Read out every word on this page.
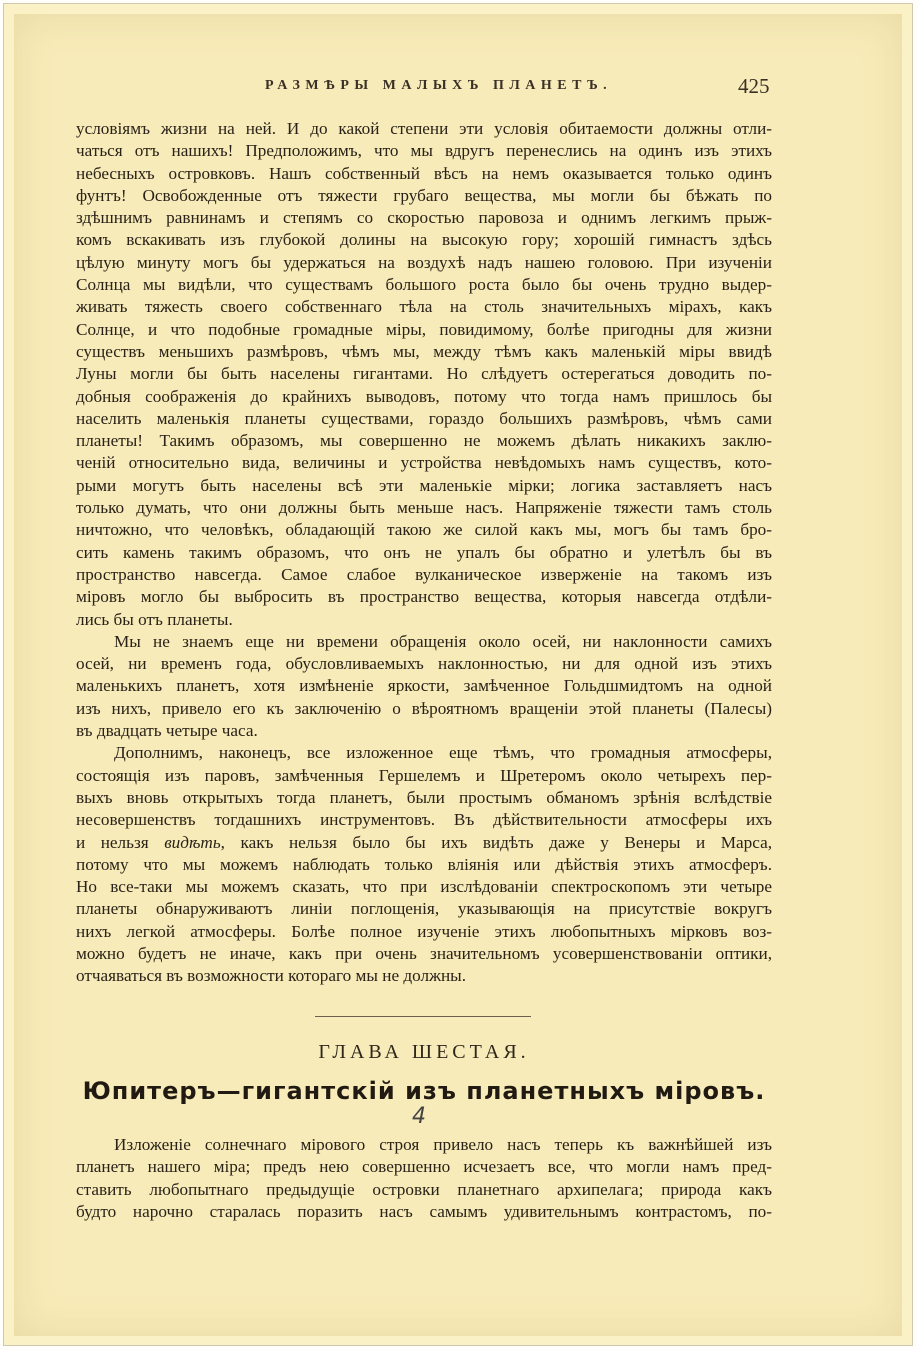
РАЗМѢРЫ МАЛЫХЪ ПЛАНЕТЪ.	425
условіямъ жизни на ней. И до какой степени эти условія обитаемости должны отли-
чаться отъ нашихъ! Предположимъ, что мы вдругъ перенеслись на одинъ изъ этихъ
небесныхъ островковъ. Нашъ собственный вѣсъ на немъ оказывается только одинъ
фунтъ! Освобожденные отъ тяжести грубаго вещества, мы могли бы бѣжать по
здѣшнимъ равнинамъ и степямъ со скоростью паровоза и однимъ легкимъ прыж-
комъ вскакивать изъ глубокой долины на высокую гору; хорошій гимнастъ здѣсь
цѣлую минуту могъ бы удержаться на воздухѣ надъ нашею головою. При изученіи
Солнца мы видѣли, что существамъ большого роста было бы очень трудно выдер-
живать тяжесть своего собственнаго тѣла на столь значительныхъ мірахъ, какъ
Солнце, и что подобные громадные міры, повидимому, болѣе пригодны для жизни
существъ меньшихъ размѣровъ, чѣмъ мы, между тѣмъ какъ маленькій міры ввидѣ
Луны могли бы быть населены гигантами. Но слѣдуетъ остерегаться доводить по-
добныя соображенія до крайнихъ выводовъ, потому что тогда намъ пришлось бы
населить маленькія планеты существами, гораздо большихъ размѣровъ, чѣмъ сами
планеты! Такимъ образомъ, мы совершенно не можемъ дѣлать никакихъ заклю-
ченій относительно вида, величины и устройства невѣдомыхъ намъ существъ, кото-
рыми могутъ быть населены всѣ эти маленькіе мірки; логика заставляетъ насъ
только думать, что они должны быть меньше насъ. Напряженіе тяжести тамъ столь
ничтожно, что человѣкъ, обладающій такою же силой какъ мы, могъ бы тамъ бро-
сить камень такимъ образомъ, что онъ не упалъ бы обратно и улетѣлъ бы въ
пространство навсегда. Самое слабое вулканическое изверженіе на такомъ изъ
міровъ могло бы выбросить въ пространство вещества, которыя навсегда отдѣли-
лись бы отъ планеты.
Мы не знаемъ еще ни времени обращенія около осей, ни наклонности самихъ
осей, ни временъ года, обусловливаемыхъ наклонностью, ни для одной изъ этихъ
маленькихъ планетъ, хотя измѣненіе яркости, замѣченное Гольдшмидтомъ на одной
изъ нихъ, привело его къ заключенію о вѣроятномъ вращеніи этой планеты (Палесы)
въ двадцать четыре часа.
Дополнимъ, наконецъ, все изложенное еще тѣмъ, что громадныя атмосферы,
состоящія изъ паровъ, замѣченныя Гершелемъ и Шретеромъ около четырехъ пер-
выхъ вновь открытыхъ тогда планетъ, были простымъ обманомъ зрѣнія вслѣдствіе
несовершенствъ тогдашнихъ инструментовъ. Въ дѣйствительности атмосферы ихъ
и нельзя видѣть, какъ нельзя было бы ихъ видѣть даже у Венеры и Марса,
потому что мы можемъ наблюдать только вліянія или дѣйствія этихъ атмосферъ.
Но все-таки мы можемъ сказать, что при изслѣдованіи спектроскопомъ эти четыре
планеты обнаруживаютъ линіи поглощенія, указывающія на присутствіе вокругъ
нихъ легкой атмосферы. Болѣе полное изученіе этихъ любопытныхъ мірковъ воз-
можно будетъ не иначе, какъ при очень значительномъ усовершенствованіи оптики,
отчаяваться въ возможности котораго мы не должны.
ГЛАВА ШЕСТАЯ.
Юпитеръ—гигантскій изъ планетныхъ міровъ.
4
Изложеніе солнечнаго мірового строя привело насъ теперь къ важнѣйшей изъ
планетъ нашего міра; предъ нею совершенно исчезаетъ все, что могли намъ пред-
ставить любопытнаго предыдущіе островки планетнаго архипелага; природа какъ
будто нарочно старалась поразить насъ самымъ удивительнымъ контрастомъ, по-
